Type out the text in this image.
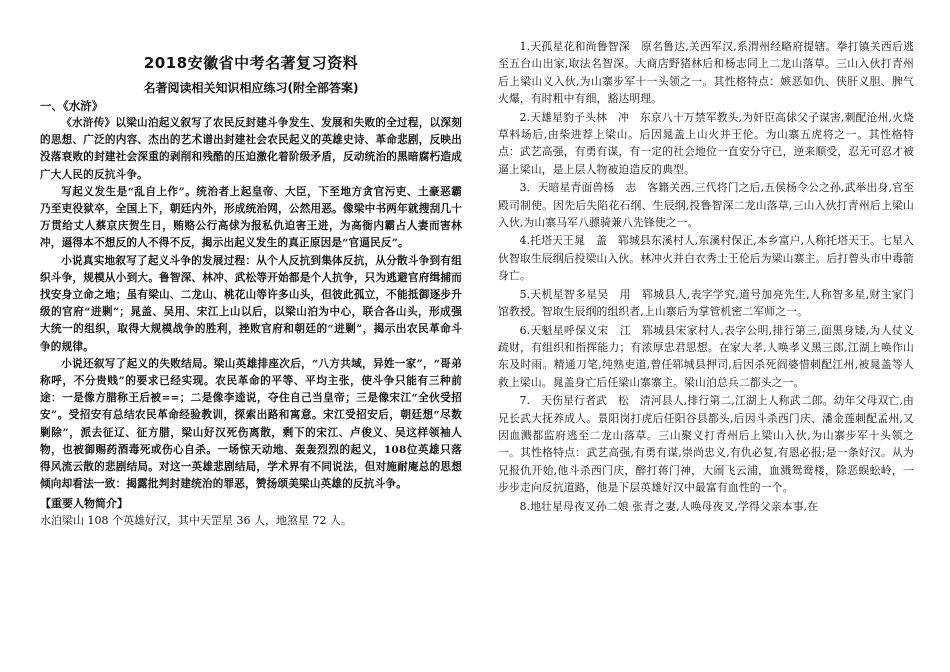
2018安徽省中考名著复习资料
名著阅读相关知识相应练习(附全部答案)
一、《水浒》

《水浒传》以梁山泊起义叙写了农民反封建斗争发生、发展和失败的全过程，以深刻的思想、广泛的内容、杰出的艺术谱出封建社会农民起义的英雄史诗、革命悲剧，反映出没落衰败的封建社会深重的剥削和残酷的压迫激化着阶级矛盾，反动统治的黑暗腐朽造成广大人民的反抗斗争。

写起义发生是“乱自上作”。统治者上起皇帝、大臣，下至地方贪官污吏、土豪恶霸乃至吏役狱卒，全国上下，朝廷内外，形成统治网，公然用恶。像梁中书两年就搜刮几十万贯给丈人蔡京庆贺生日，贿赂公行高俅为报私仇迫害王进，为高衙内霸占人妻而害林冲，逼得本不想反的人不得不反，揭示出起义发生的真正原因是“官逼民反”。

小说真实地叙写了起义斗争的发展过程：从个人反抗到集体反抗，从分散斗争到有组织斗争，规模从小到大。鲁智深、林冲、武松等开始都是个人抗争，只为逃避官府缉捕而找安身立命之地；虽有梁山、二龙山、桃花山等许多山头，但彼此孤立，不能抵御逐步升级的官府“进剿”；晁盖、吴用、宋江上山以后，以梁山泊为中心，联合各山头，形成强大统一的组织，取得大规模战争的胜利，挫败官府和朝廷的“进剿”，揭示出农民革命斗争的规律。

小说还叙写了起义的失败结局。梁山英雄排座次后，“八方共域，异姓一家”，“哥弟称呼，不分贵贱”的要求已经实现。农民革命的平等、平均主张，使斗争只能有三种前途：一是像方腊称王后被==；二是像李逵说，夺住自己当皇帝；三是像宋江“全伙受招安”。受招安有总结农民革命经验教训，探索出路和寓意。宋江受招安后，朝廷想“尽数剿除”，派去征辽、征方腊，梁山好汉死伤离散，剩下的宋江、卢俊义、吴这样领袖人物，也被御赐药酒毒死或伤心自杀。一场惊天动地、轰轰烈烈的起义，108位英雄只落得风流云散的悲剧结局。对这一英雄悲剧结局，学术界有不同说法，但对施耐庵总的思想倾向却看法一致：揭露批判封建统治的罪恶，赞扬颂美梁山英雄的反抗斗争。

【重要人物简介】

水泊梁山 108 个英雄好汉，其中天罡星 36 人，地煞星 72 人。

1.天孤星花和尚鲁智深　原名鲁达,关西军汉,系渭州经略府提辖。拳打镇关西后逃至五台山出家,取法名智深。大商店野猪林后和杨志同上二龙山落草。三山入伙打青州后上梁山义入伙,为山寨步军十一头领之一。其性格特点：嫉恶如仇、侠肝义胆、脾气火爆，有时粗中有细，豁达明理。

2.天雄星豹子头林　冲　东京八十万禁军教头,为奸臣高俅父子谋害,刺配沧州,火烧草料场后,由柴进荐上梁山。后因晁盖上山火并王伦。为山寨五虎将之一。其性格特点：武艺高强，有勇有谋，有一定的社会地位一直安分守已，逆来顺受，忍无可忍才被逼上梁山，是上层人物被迫造反的典型。

3．天暗星青面兽杨　志　客籍关西,三代将门之后,五侯杨令公之孙,武举出身,官至殿司制使。因先后失陷花石纲、生辰纲,投鲁智深二龙山落草,三山入伙打青州后上梁山入伙,为山寨马军八骠骑兼八先锋使之一。

4.托塔天王晁　盖　郓城县东溪村人,东溪村保正,本乡富户,人称托塔天王。七星入伙智取生辰纲后投梁山入伙。林冲火并白衣秀士王伦后为梁山寨主。后打曾头市中毒箭身亡。

5.天机星智多星吴　用　郓城县人,表字学究,道号加亮先生,人称智多星,财主家门馆教授。智取生辰纲的组织者,上山寨后为掌管机密二军师之一。

6.天魁星呼保义宋　江　郓城县宋家村人,表字公明,排行第三,面黑身矮,为人仗义疏财，有组织和指挥能力；有浓厚忠君思想。在家大孝,人唤孝义黑三郎,江湖上唤作山东及时雨。精通刀笔,纯熟吏道,曾任郓城县押司,后因杀死阎婆惜刺配江州,被晁盖等人救上梁山。晁盖身亡后任梁山寨寨主。梁山泊总兵二都头之一。

7.　天伤星行者武　松　清河县人,排行第二,江湖上人称武二郎。幼年父母双亡,由兄长武大抚养成人。景阳岗打虎后任阳谷县都头,后因斗杀西门庆、潘金莲刺配孟州,又因血溅都监府逃至二龙山落草。三山聚义打青州后上梁山入伙,为山寨步军十头领之一。其性格特点：武艺高强,有勇有谋,崇尚忠义,有仇必复,有恩必报;是一条好汉。从为兄报仇开始,他斗杀西门庆，醉打蒋门神，大闹飞云浦，血溅鸳鸯楼，除恶蜈蚣岭，一步步走向反抗道路，他是下层英雄好汉中最富有血性的一个。

8.地壮星母夜叉孙二娘 张青之妻,人唤母夜叉,学得父亲本事,在
